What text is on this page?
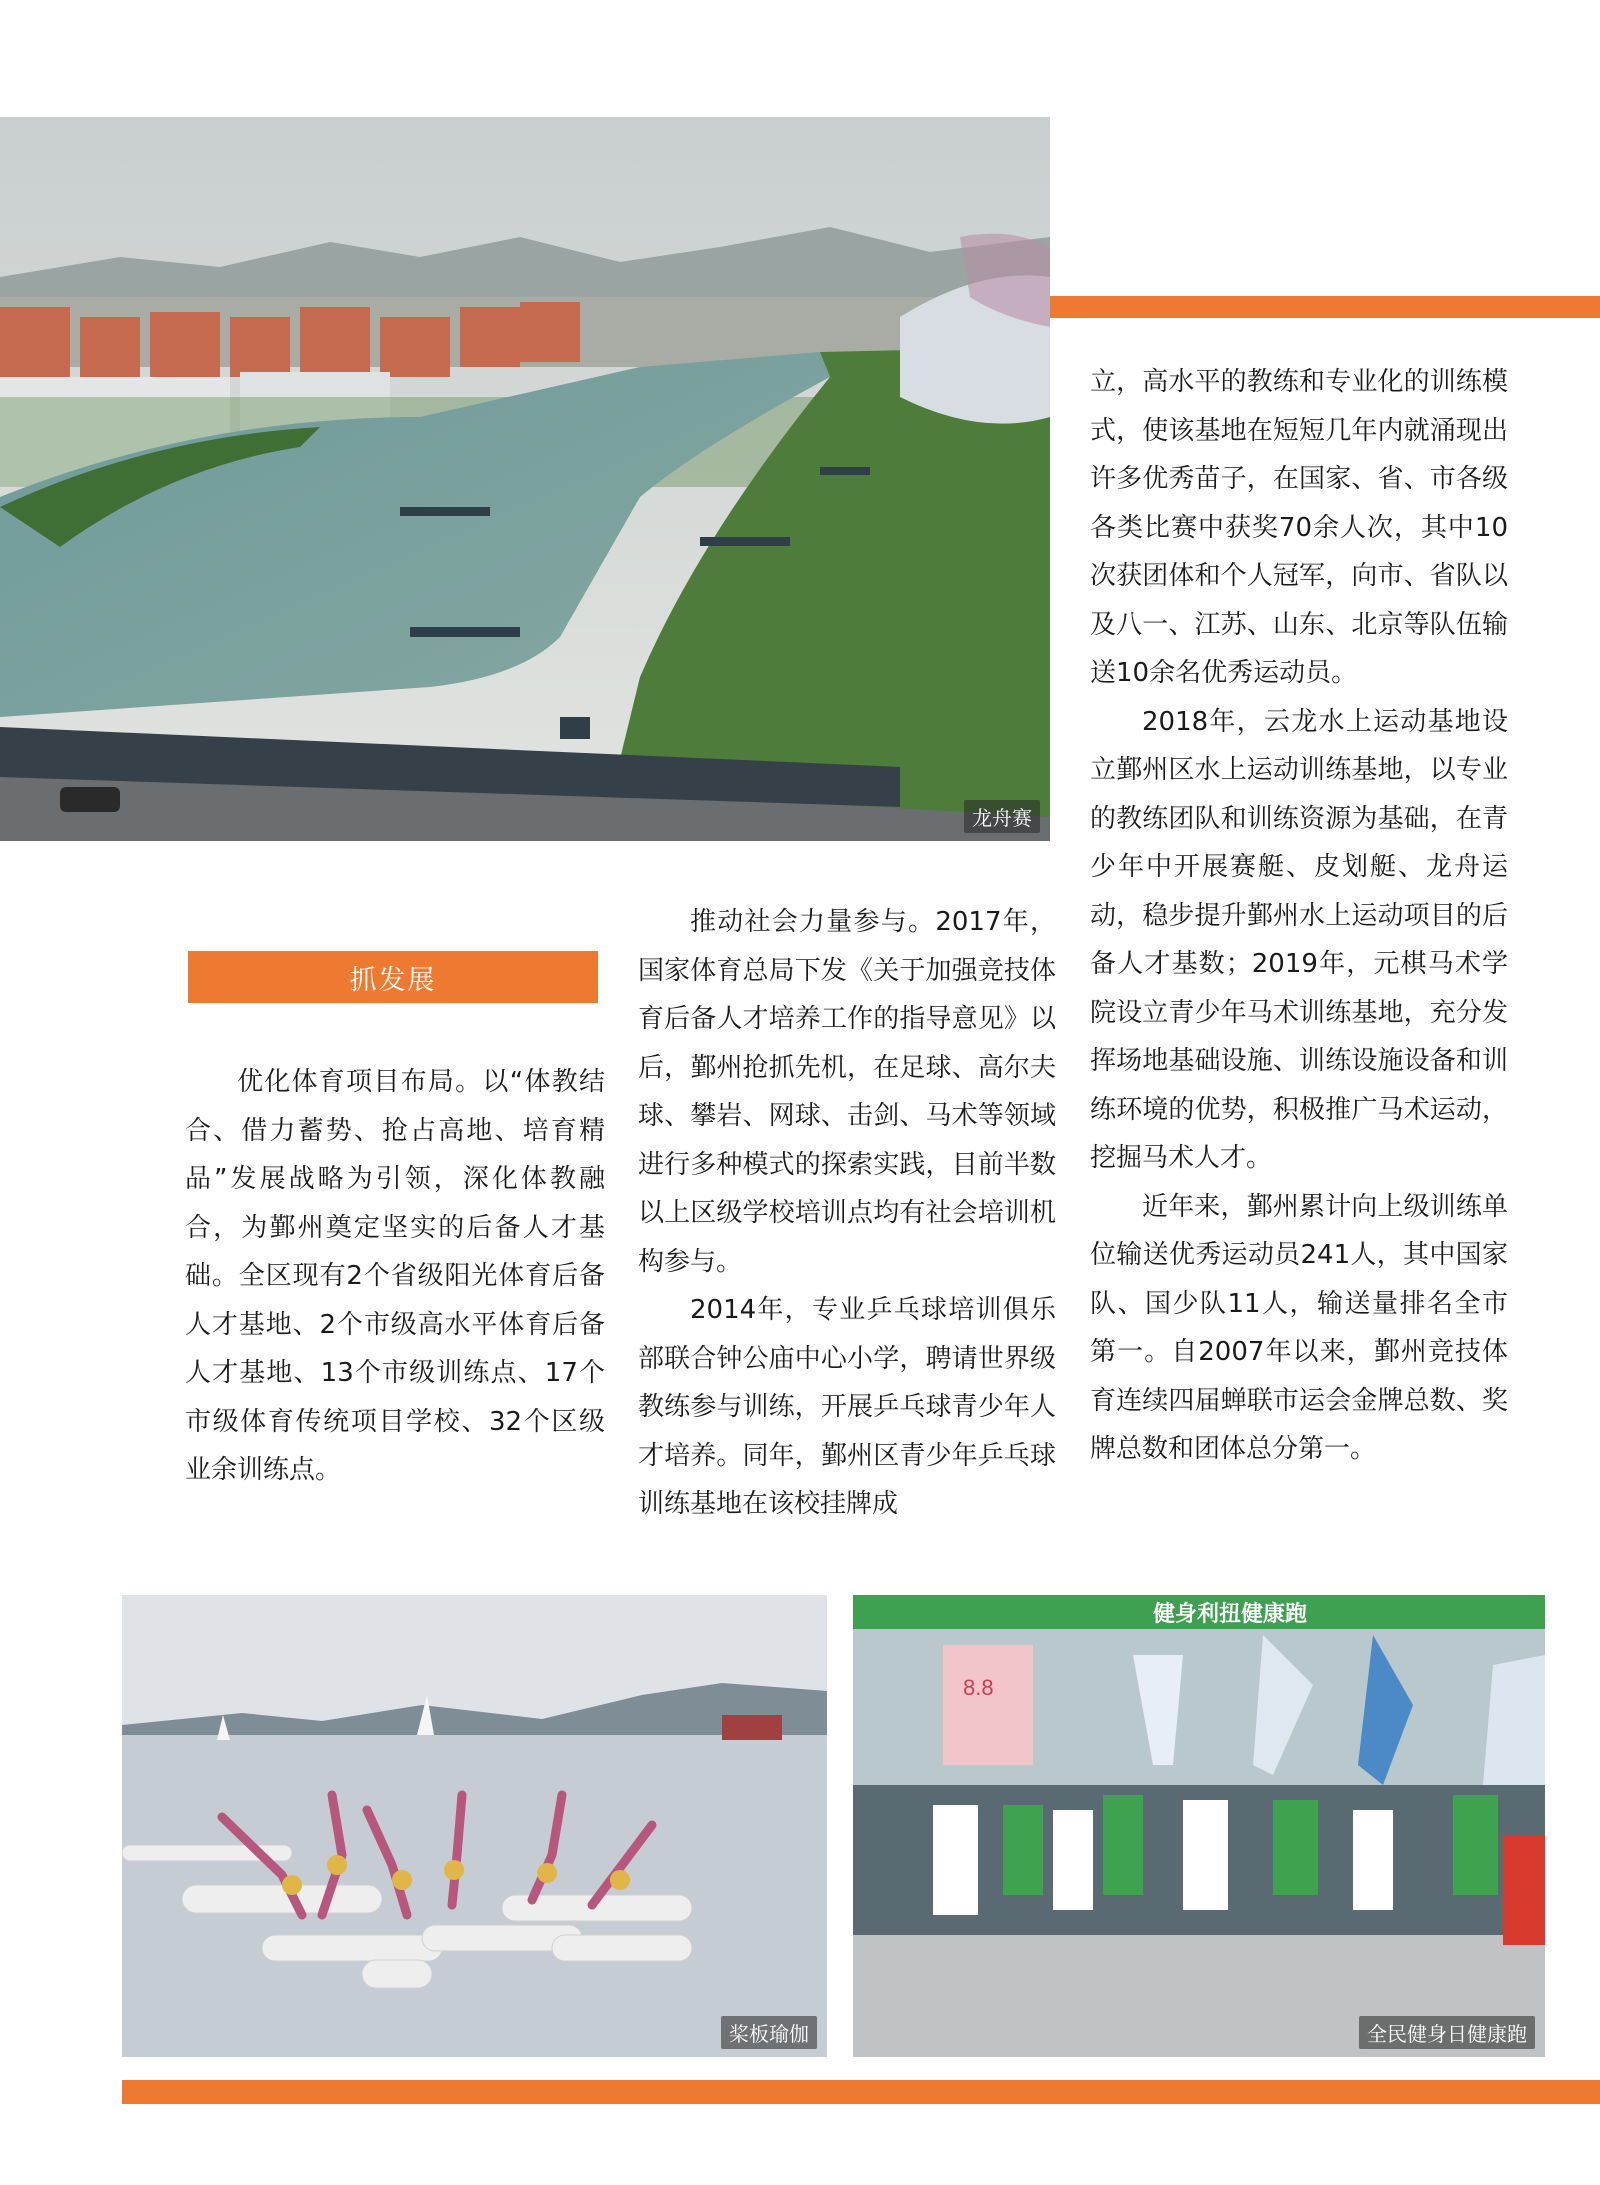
龙舟赛
抓发展

优化体育项目布局。以“体教结合、借力蓄势、抢占高地、培育精品”发展战略为引领，深化体教融合，为鄞州奠定坚实的后备人才基础。全区现有2个省级阳光体育后备人才基地、2个市级高水平体育后备人才基地、13个市级训练点、17个市级体育传统项目学校、32个区级业余训练点。

推动社会力量参与。2017年，国家体育总局下发《关于加强竞技体育后备人才培养工作的指导意见》以后，鄞州抢抓先机，在足球、高尔夫球、攀岩、网球、击剑、马术等领域进行多种模式的探索实践，目前半数以上区级学校培训点均有社会培训机构参与。

2014年，专业乒乓球培训俱乐部联合钟公庙中心小学，聘请世界级教练参与训练，开展乒乓球青少年人才培养。同年，鄞州区青少年乒乓球训练基地在该校挂牌成

立，高水平的教练和专业化的训练模式，使该基地在短短几年内就涌现出许多优秀苗子，在国家、省、市各级各类比赛中获奖70余人次，其中10次获团体和个人冠军，向市、省队以及八一、江苏、山东、北京等队伍输送10余名优秀运动员。

2018年，云龙水上运动基地设立鄞州区水上运动训练基地，以专业的教练团队和训练资源为基础，在青少年中开展赛艇、皮划艇、龙舟运动，稳步提升鄞州水上运动项目的后备人才基数；2019年，元棋马术学院设立青少年马术训练基地，充分发挥场地基础设施、训练设施设备和训练环境的优势，积极推广马术运动，挖掘马术人才。

近年来，鄞州累计向上级训练单位输送优秀运动员241人，其中国家队、国少队11人，输送量排名全市第一。自2007年以来，鄞州竞技体育连续四届蝉联市运会金牌总数、奖牌总数和团体总分第一。

桨板瑜伽
健身利扭健康跑
8.8
全民健身日健康跑
